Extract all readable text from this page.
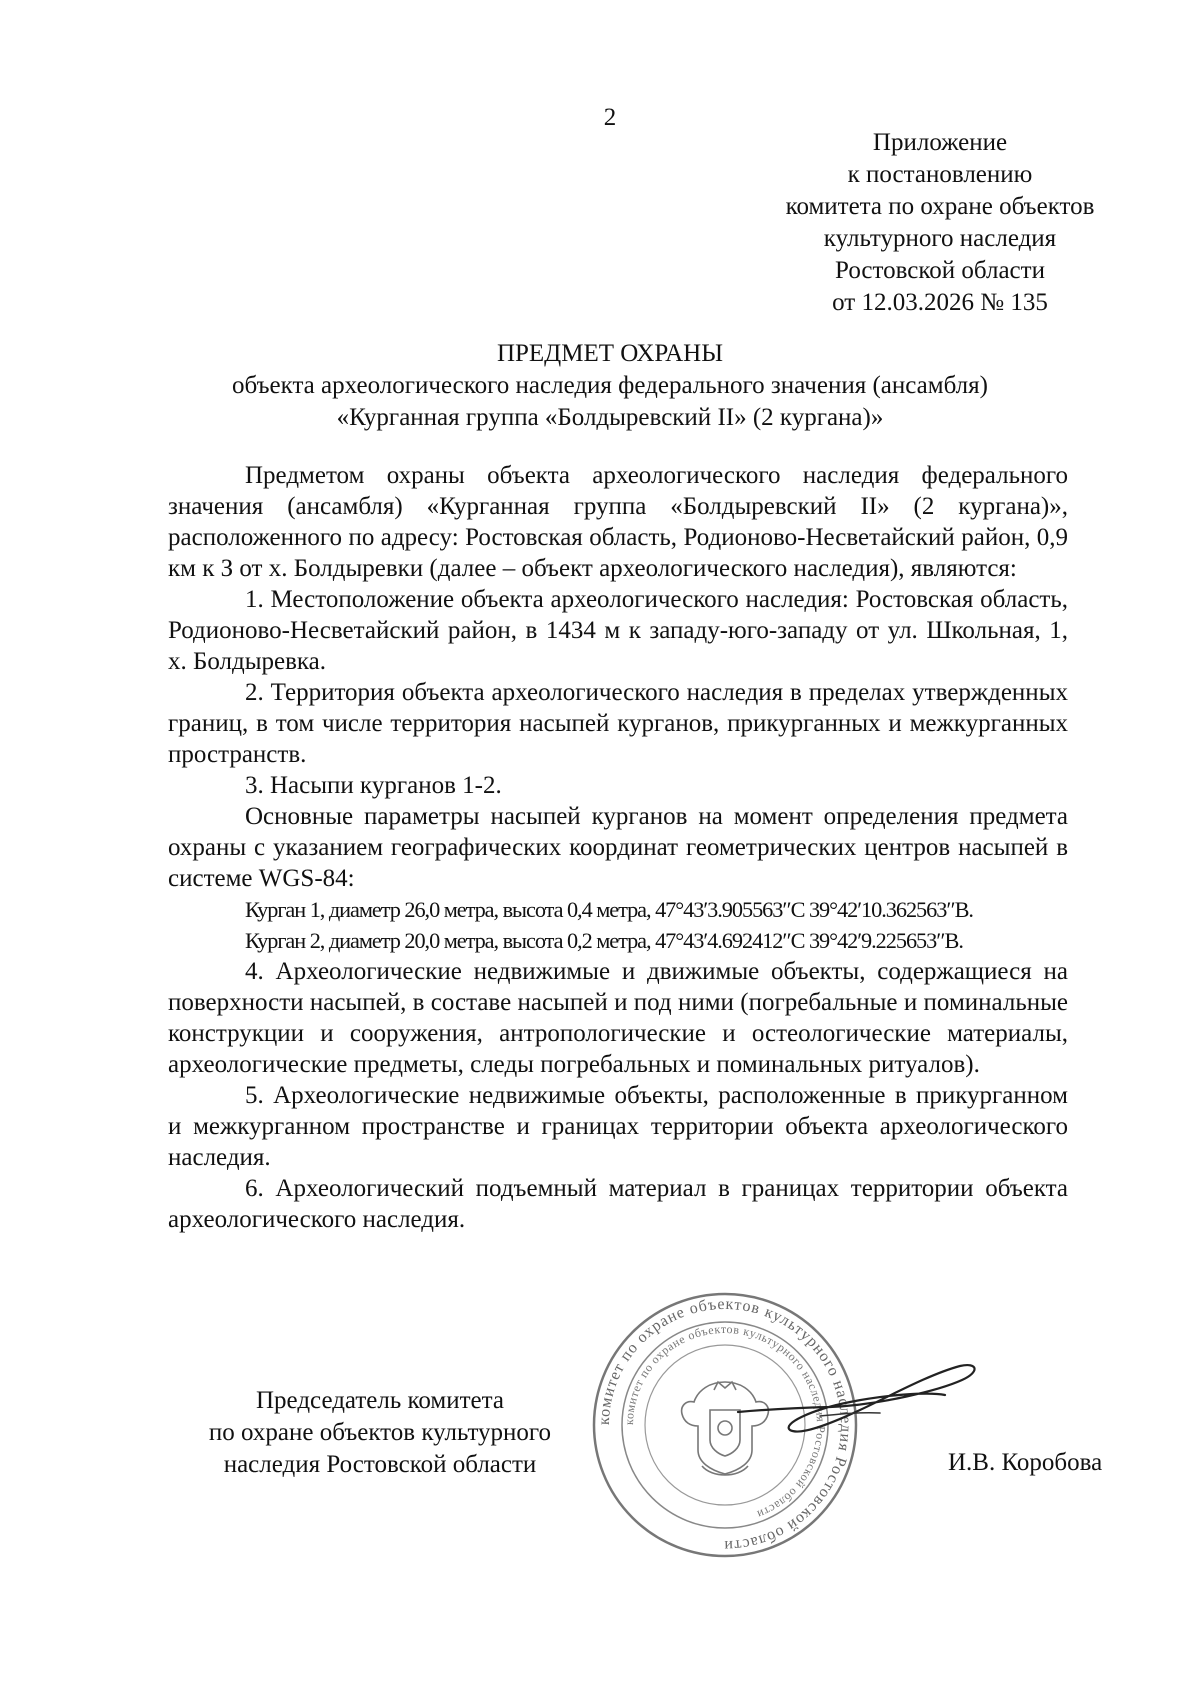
2
Приложение
к постановлению
комитета по охране объектов
культурного наследия
Ростовской области
от 12.03.2026 № 135
ПРЕДМЕТ ОХРАНЫ
объекта археологического наследия федерального значения (ансамбля)
«Курганная группа «Болдыревский II» (2 кургана)»

Предметом охраны объекта археологического наследия федерального значения (ансамбля) «Курганная группа «Болдыревский II» (2 кургана)», расположенного по адресу: Ростовская область, Родионово-Несветайский район, 0,9 км к З от х. Болдыревки (далее – объект археологического наследия), являются:

1. Местоположение объекта археологического наследия: Ростовская область, Родионово-Несветайский район, в 1434 м к западу-юго-западу от ул. Школьная, 1, х. Болдыревка.

2. Территория объекта археологического наследия в пределах утвержденных границ, в том числе территория насыпей курганов, прикурганных и межкурганных пространств.

3. Насыпи курганов 1-2.

Основные параметры насыпей курганов на момент определения предмета охраны с указанием географических координат геометрических центров насыпей в системе WGS-84:

Курган 1, диаметр 26,0 метра, высота 0,4 метра, 47°43′3.905563″С 39°42′10.362563″В.

Курган 2, диаметр 20,0 метра, высота 0,2 метра, 47°43′4.692412″С 39°42′9.225653″В.

4. Археологические недвижимые и движимые объекты, содержащиеся на поверхности насыпей, в составе насыпей и под ними (погребальные и поминальные конструкции и сооружения, антропологические и остеологические материалы, археологические предметы, следы погребальных и поминальных ритуалов).

5. Археологические недвижимые объекты, расположенные в прикурганном и межкурганном пространстве и границах территории объекта археологического наследия.

6. Археологический подъемный материал в границах территории объекта археологического наследия.

Председатель комитета
по охране объектов культурного
наследия Ростовской области
комитет по охране объектов культурного наследия Ростовской области
комитет по охране объектов культурного наследия Ростовской области
И.В. Коробова
